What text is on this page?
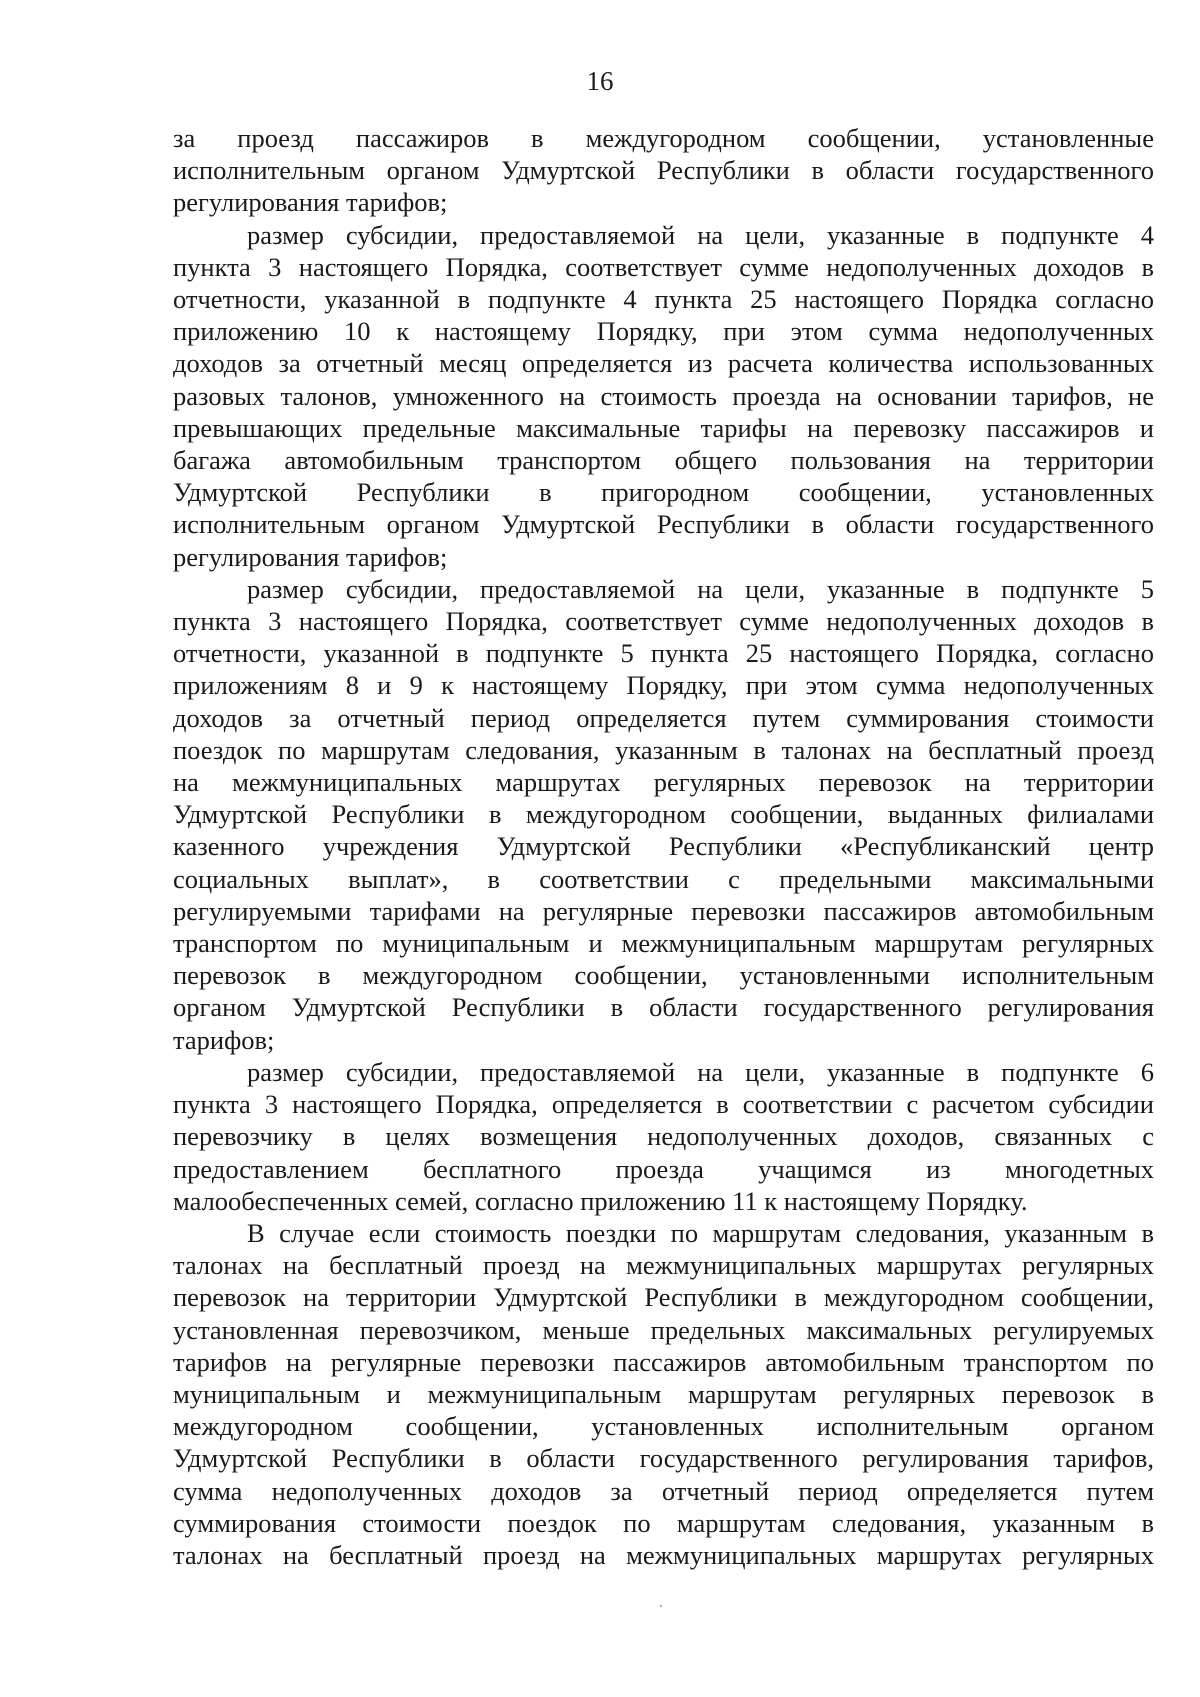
16

за проезд пассажиров в междугородном сообщении, установленные
исполнительным органом Удмуртской Республики в области государственного
регулирования тарифов;

размер субсидии, предоставляемой на цели, указанные в подпункте 4
пункта 3 настоящего Порядка, соответствует сумме недополученных доходов в
отчетности, указанной в подпункте 4 пункта 25 настоящего Порядка согласно
приложению 10 к настоящему Порядку, при этом сумма недополученных
доходов за отчетный месяц определяется из расчета количества использованных
разовых талонов, умноженного на стоимость проезда на основании тарифов, не
превышающих предельные максимальные тарифы на перевозку пассажиров и
багажа автомобильным транспортом общего пользования на территории
Удмуртской Республики в пригородном сообщении, установленных
исполнительным органом Удмуртской Республики в области государственного
регулирования тарифов;

размер субсидии, предоставляемой на цели, указанные в подпункте 5
пункта 3 настоящего Порядка, соответствует сумме недополученных доходов в
отчетности, указанной в подпункте 5 пункта 25 настоящего Порядка, согласно
приложениям 8 и 9 к настоящему Порядку, при этом сумма недополученных
доходов за отчетный период определяется путем суммирования стоимости
поездок по маршрутам следования, указанным в талонах на бесплатный проезд
на межмуниципальных маршрутах регулярных перевозок на территории
Удмуртской Республики в междугородном сообщении, выданных филиалами
казенного учреждения Удмуртской Республики «Республиканский центр
социальных выплат», в соответствии с предельными максимальными
регулируемыми тарифами на регулярные перевозки пассажиров автомобильным
транспортом по муниципальным и межмуниципальным маршрутам регулярных
перевозок в междугородном сообщении, установленными исполнительным
органом Удмуртской Республики в области государственного регулирования
тарифов;

размер субсидии, предоставляемой на цели, указанные в подпункте 6
пункта 3 настоящего Порядка, определяется в соответствии с расчетом субсидии
перевозчику в целях возмещения недополученных доходов, связанных с
предоставлением бесплатного проезда учащимся из многодетных
малообеспеченных семей, согласно приложению 11 к настоящему Порядку.

В случае если стоимость поездки по маршрутам следования, указанным в
талонах на бесплатный проезд на межмуниципальных маршрутах регулярных
перевозок на территории Удмуртской Республики в междугородном сообщении,
установленная перевозчиком, меньше предельных максимальных регулируемых
тарифов на регулярные перевозки пассажиров автомобильным транспортом по
муниципальным и межмуниципальным маршрутам регулярных перевозок в
междугородном сообщении, установленных исполнительным органом
Удмуртской Республики в области государственного регулирования тарифов,
сумма недополученных доходов за отчетный период определяется путем
суммирования стоимости поездок по маршрутам следования, указанным в
талонах на бесплатный проезд на межмуниципальных маршрутах регулярных
